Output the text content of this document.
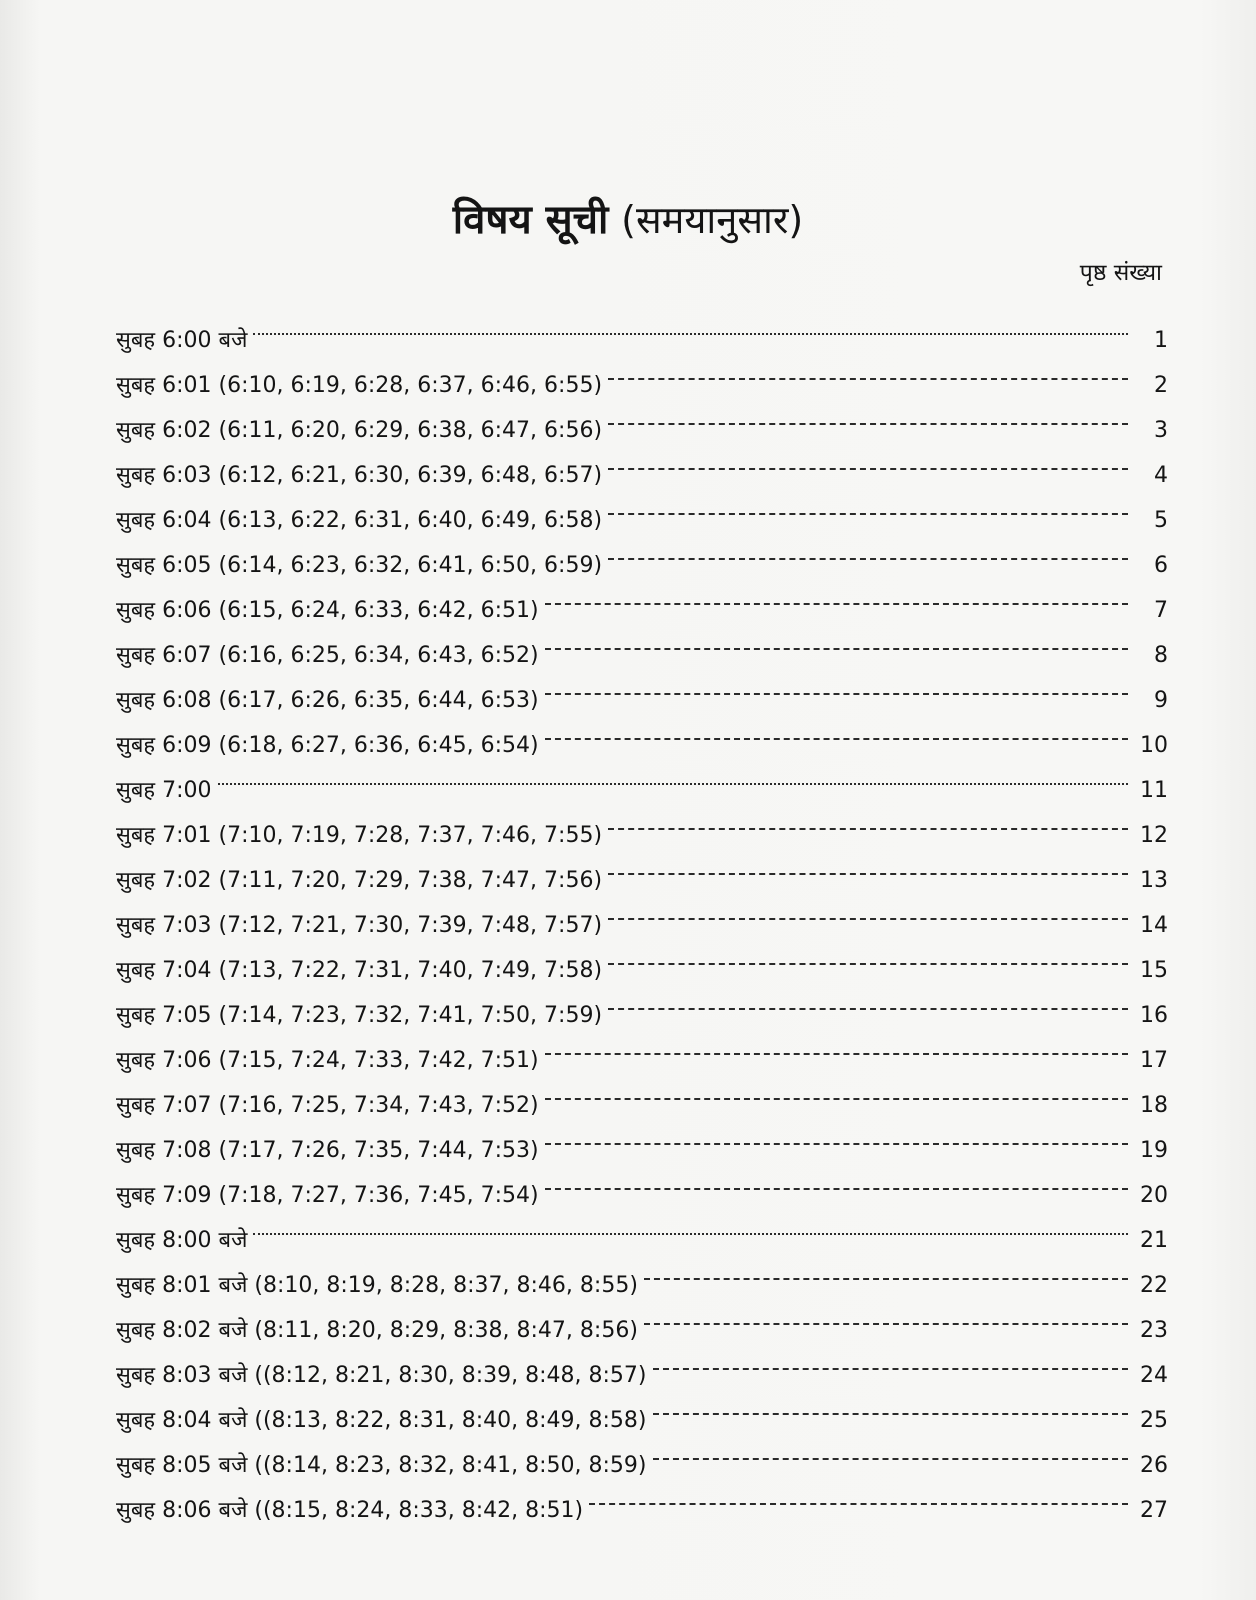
विषय सूची (समयानुसार)
पृष्ठ संख्या
सुबह 6:00 बजे	1
सुबह 6:01 (6:10, 6:19, 6:28, 6:37, 6:46, 6:55)	2
सुबह 6:02 (6:11, 6:20, 6:29, 6:38, 6:47, 6:56)	3
सुबह 6:03 (6:12, 6:21, 6:30, 6:39, 6:48, 6:57)	4
सुबह 6:04 (6:13, 6:22, 6:31, 6:40, 6:49, 6:58)	5
सुबह 6:05 (6:14, 6:23, 6:32, 6:41, 6:50, 6:59)	6
सुबह 6:06 (6:15, 6:24, 6:33, 6:42, 6:51)	7
सुबह 6:07 (6:16, 6:25, 6:34, 6:43, 6:52)	8
सुबह 6:08 (6:17, 6:26, 6:35, 6:44, 6:53)	9
सुबह 6:09 (6:18, 6:27, 6:36, 6:45, 6:54)	10
सुबह 7:00	11
सुबह 7:01 (7:10, 7:19, 7:28, 7:37, 7:46, 7:55)	12
सुबह 7:02 (7:11, 7:20, 7:29, 7:38, 7:47, 7:56)	13
सुबह 7:03 (7:12, 7:21, 7:30, 7:39, 7:48, 7:57)	14
सुबह 7:04 (7:13, 7:22, 7:31, 7:40, 7:49, 7:58)	15
सुबह 7:05 (7:14, 7:23, 7:32, 7:41, 7:50, 7:59)	16
सुबह 7:06 (7:15, 7:24, 7:33, 7:42, 7:51)	17
सुबह 7:07 (7:16, 7:25, 7:34, 7:43, 7:52)	18
सुबह 7:08 (7:17, 7:26, 7:35, 7:44, 7:53)	19
सुबह 7:09 (7:18, 7:27, 7:36, 7:45, 7:54)	20
सुबह 8:00 बजे	21
सुबह 8:01 बजे (8:10, 8:19, 8:28, 8:37, 8:46, 8:55)	22
सुबह 8:02 बजे (8:11, 8:20, 8:29, 8:38, 8:47, 8:56)	23
सुबह 8:03 बजे ((8:12, 8:21, 8:30, 8:39, 8:48, 8:57)	24
सुबह 8:04 बजे ((8:13, 8:22, 8:31, 8:40, 8:49, 8:58)	25
सुबह 8:05 बजे ((8:14, 8:23, 8:32, 8:41, 8:50, 8:59)	26
सुबह 8:06 बजे ((8:15, 8:24, 8:33, 8:42, 8:51)	27
